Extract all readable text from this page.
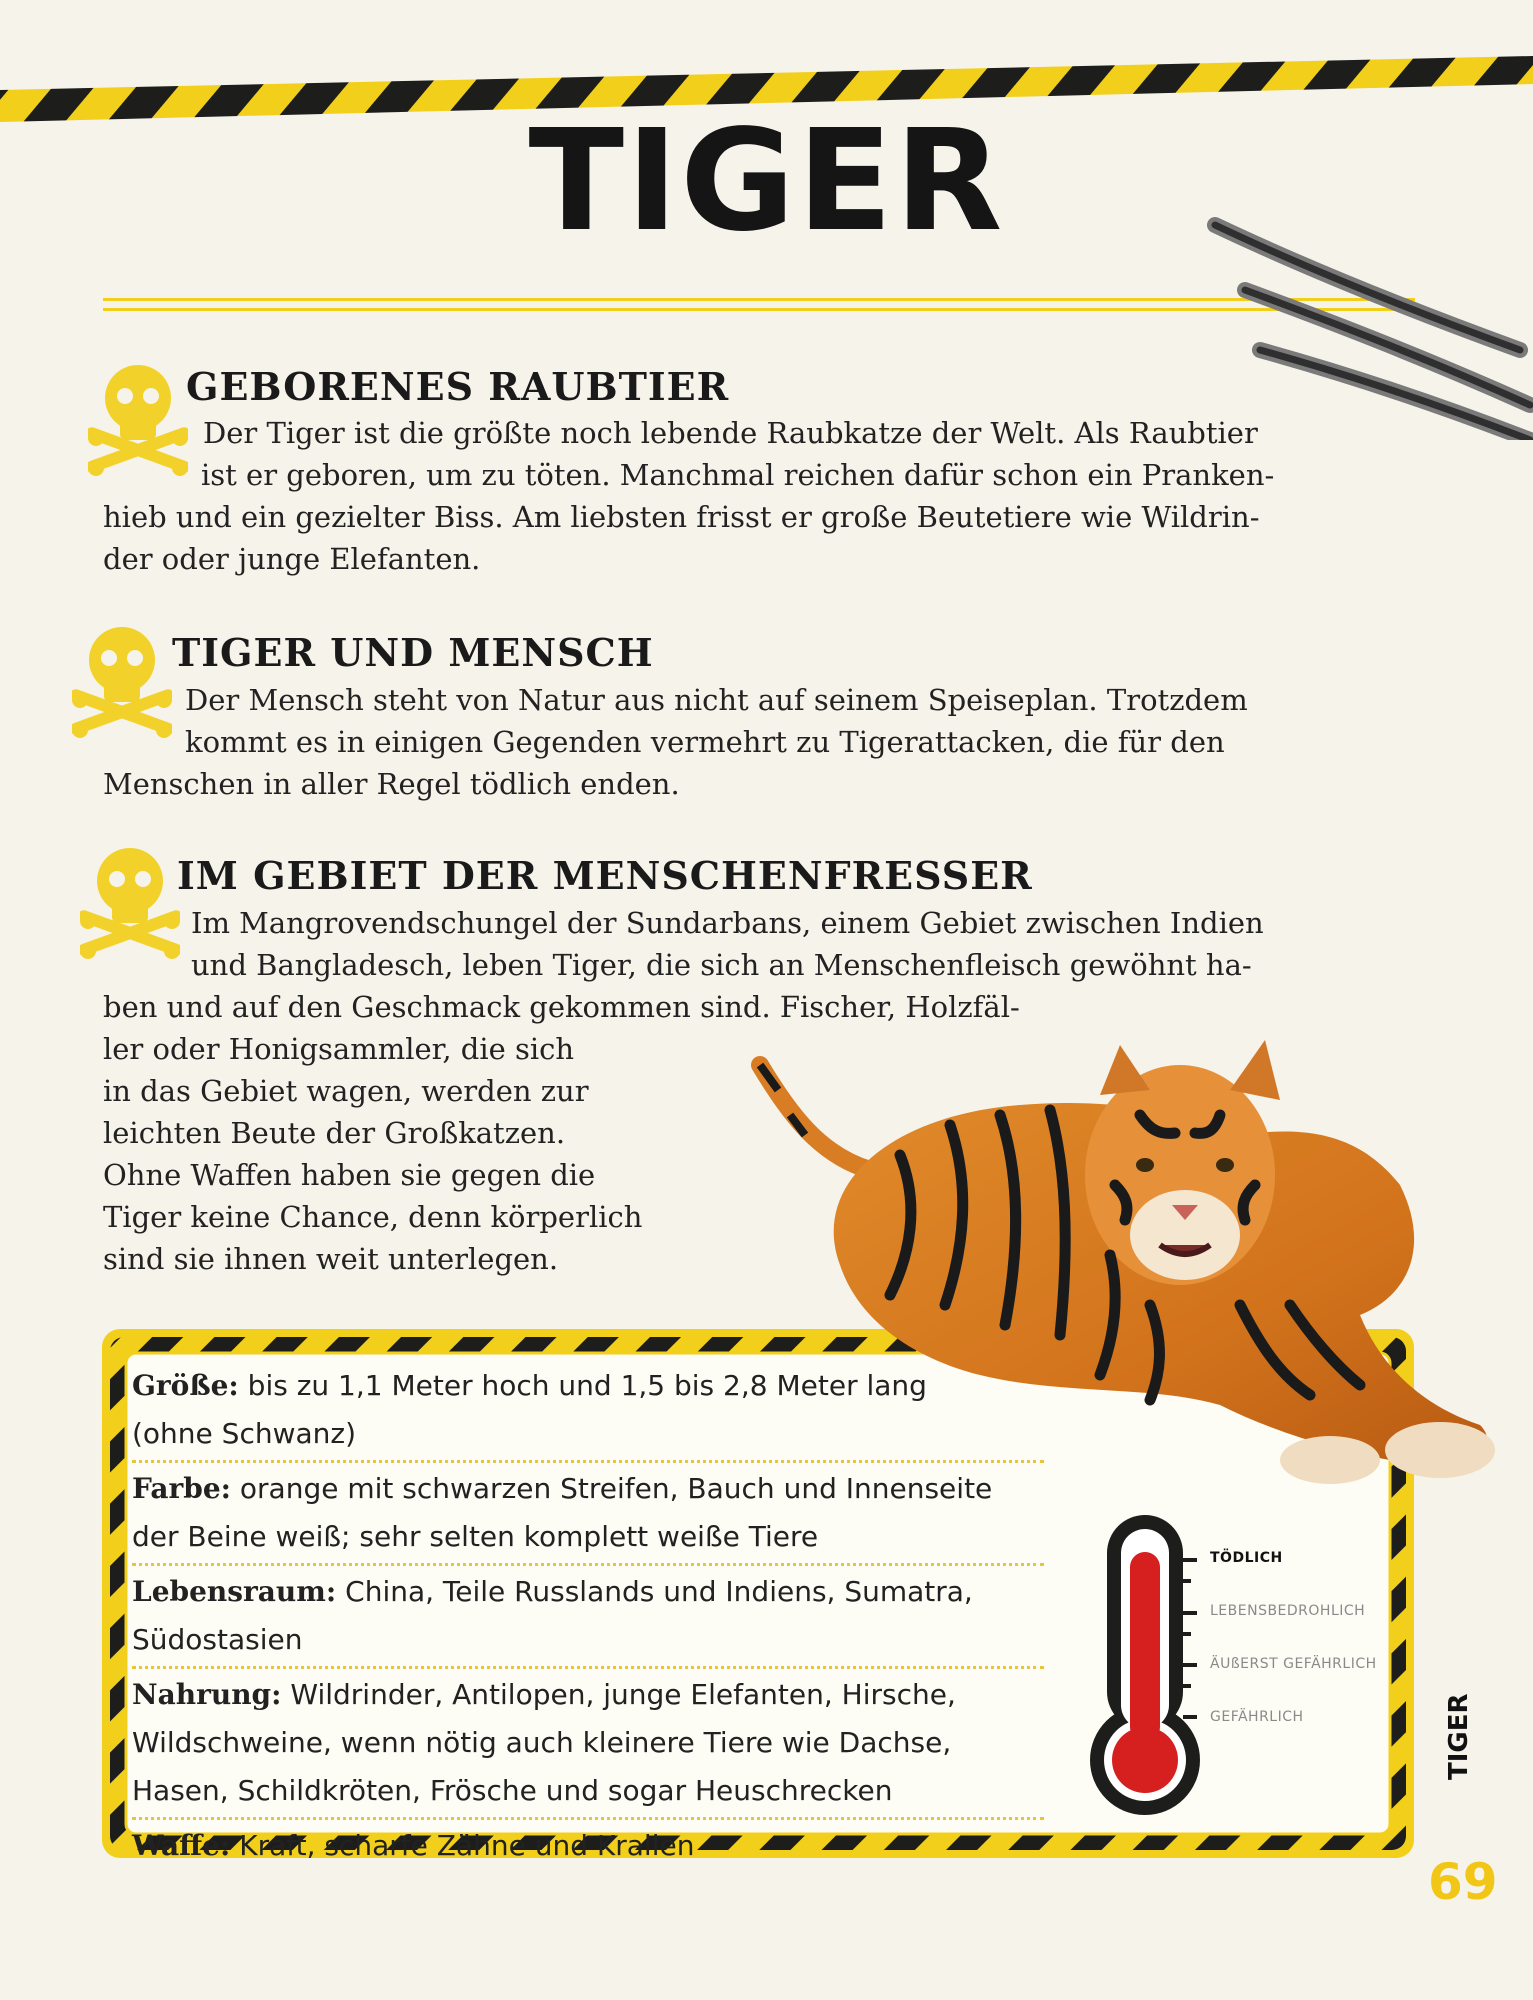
TIGER
GEBORENES RAUBTIER
Der Tiger ist die größte noch lebende Raubkatze der Welt. Als Raubtier
ist er geboren, um zu töten. Manchmal reichen dafür schon ein Pranken-
hieb und ein gezielter Biss. Am liebsten frisst er große Beutetiere wie Wildrin-
der oder junge Elefanten.
TIGER UND MENSCH
Der Mensch steht von Natur aus nicht auf seinem Speiseplan. Trotzdem
kommt es in einigen Gegenden vermehrt zu Tigerattacken, die für den
Menschen in aller Regel tödlich enden.
IM GEBIET DER MENSCHENFRESSER
Im Mangrovendschungel der Sundarbans, einem Gebiet zwischen Indien
und Bangladesch, leben Tiger, die sich an Menschenfleisch gewöhnt ha-
ben und auf den Geschmack gekommen sind. Fischer, Holzfäl-
ler oder Honigsammler, die sich
in das Gebiet wagen, werden zur
leichten Beute der Großkatzen.
Ohne Waffen haben sie gegen die
Tiger keine Chance, denn körperlich
sind sie ihnen weit unterlegen.
Größe: bis zu 1,1 Meter hoch und 1,5 bis 2,8 Meter lang
(ohne Schwanz)
Farbe: orange mit schwarzen Streifen, Bauch und Innenseite
der Beine weiß; sehr selten komplett weiße Tiere
Lebensraum: China, Teile Russlands und Indiens, Sumatra,
Südostasien
Nahrung: Wildrinder, Antilopen, junge Elefanten, Hirsche,
Wildschweine, wenn nötig auch kleinere Tiere wie Dachse,
Hasen, Schildkröten, Frösche und sogar Heuschrecken
Waffe: Kraft, scharfe Zähne und Krallen
TÖDLICH
LEBENSBEDROHLICH
ÄUßERST GEFÄHRLICH
GEFÄHRLICH	TIGER
69
